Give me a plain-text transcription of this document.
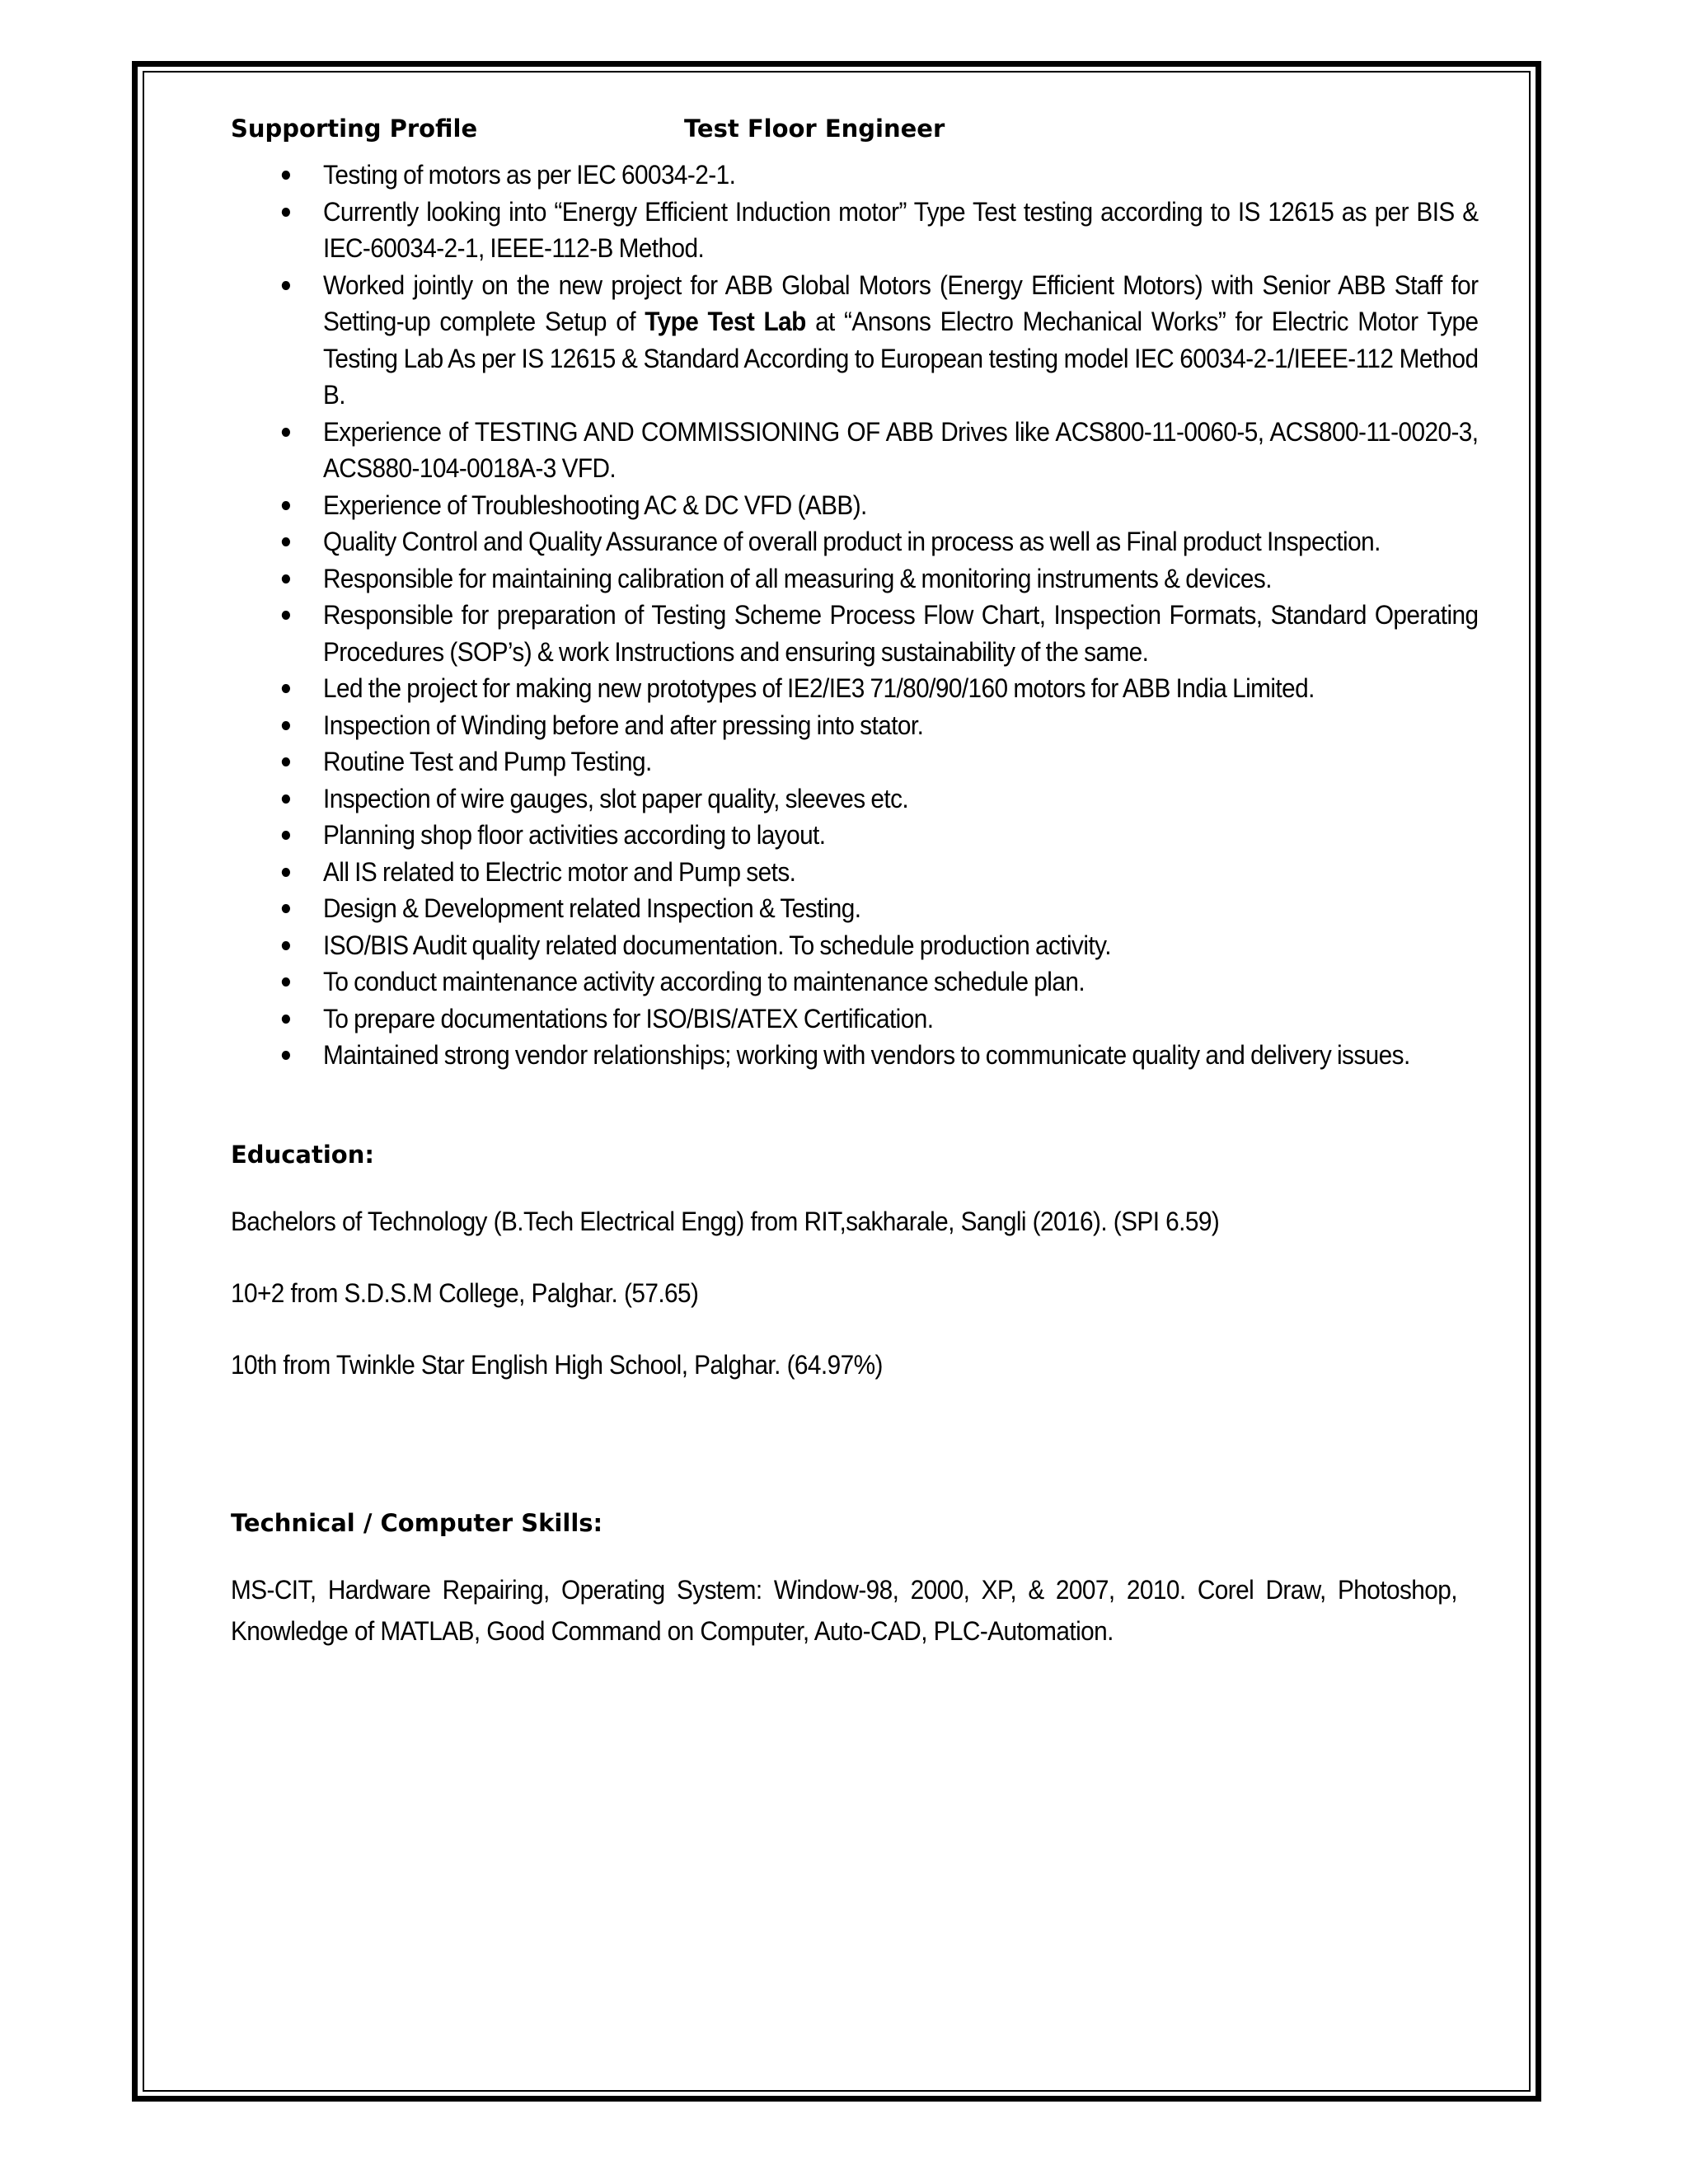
Supporting Profile	Test Floor Engineer
Testing of motors as per IEC 60034-2-1.
Currently looking into “Energy Efficient Induction motor” Type Test testing according to IS 12615 as per BIS & IEC-60034-2-1, IEEE-112-B Method.
Worked jointly on the new project for ABB Global Motors (Energy Efficient Motors) with Senior ABB Staff for Setting-up complete Setup of Type Test Lab at “Ansons Electro Mechanical Works” for Electric Motor Type Testing Lab As per IS 12615 & Standard According to European testing model IEC 60034-2-1/IEEE-112 Method B.
Experience of TESTING AND COMMISSIONING OF ABB Drives like ACS800-11-0060-5, ACS800-11-0020-3, ACS880-104-0018A-3 VFD.
Experience of Troubleshooting AC & DC VFD (ABB).
Quality Control and Quality Assurance of overall product in process as well as Final product Inspection.
Responsible for maintaining calibration of all measuring & monitoring instruments & devices.
Responsible for preparation of Testing Scheme Process Flow Chart, Inspection Formats, Standard Operating Procedures (SOP’s) & work Instructions and ensuring sustainability of the same.
Led the project for making new prototypes of IE2/IE3 71/80/90/160 motors for ABB India Limited.
Inspection of Winding before and after pressing into stator.
Routine Test and Pump Testing.
Inspection of wire gauges, slot paper quality, sleeves etc.
Planning shop floor activities according to layout.
All IS related to Electric motor and Pump sets.
Design & Development related Inspection & Testing.
ISO/BIS Audit quality related documentation. To schedule production activity.
To conduct maintenance activity according to maintenance schedule plan.
To prepare documentations for ISO/BIS/ATEX Certification.
Maintained strong vendor relationships; working with vendors to communicate quality and delivery issues.
Education:

Bachelors of Technology (B.Tech Electrical Engg) from RIT,sakharale, Sangli (2016). (SPI 6.59)

10+2 from S.D.S.M College, Palghar. (57.65)

10th from Twinkle Star English High School, Palghar. (64.97%)

Technical / Computer Skills:

MS-CIT, Hardware Repairing, Operating System: Window-98, 2000, XP, & 2007, 2010. Corel Draw, Photoshop, Knowledge of MATLAB, Good Command on Computer, Auto-CAD, PLC-Automation.
